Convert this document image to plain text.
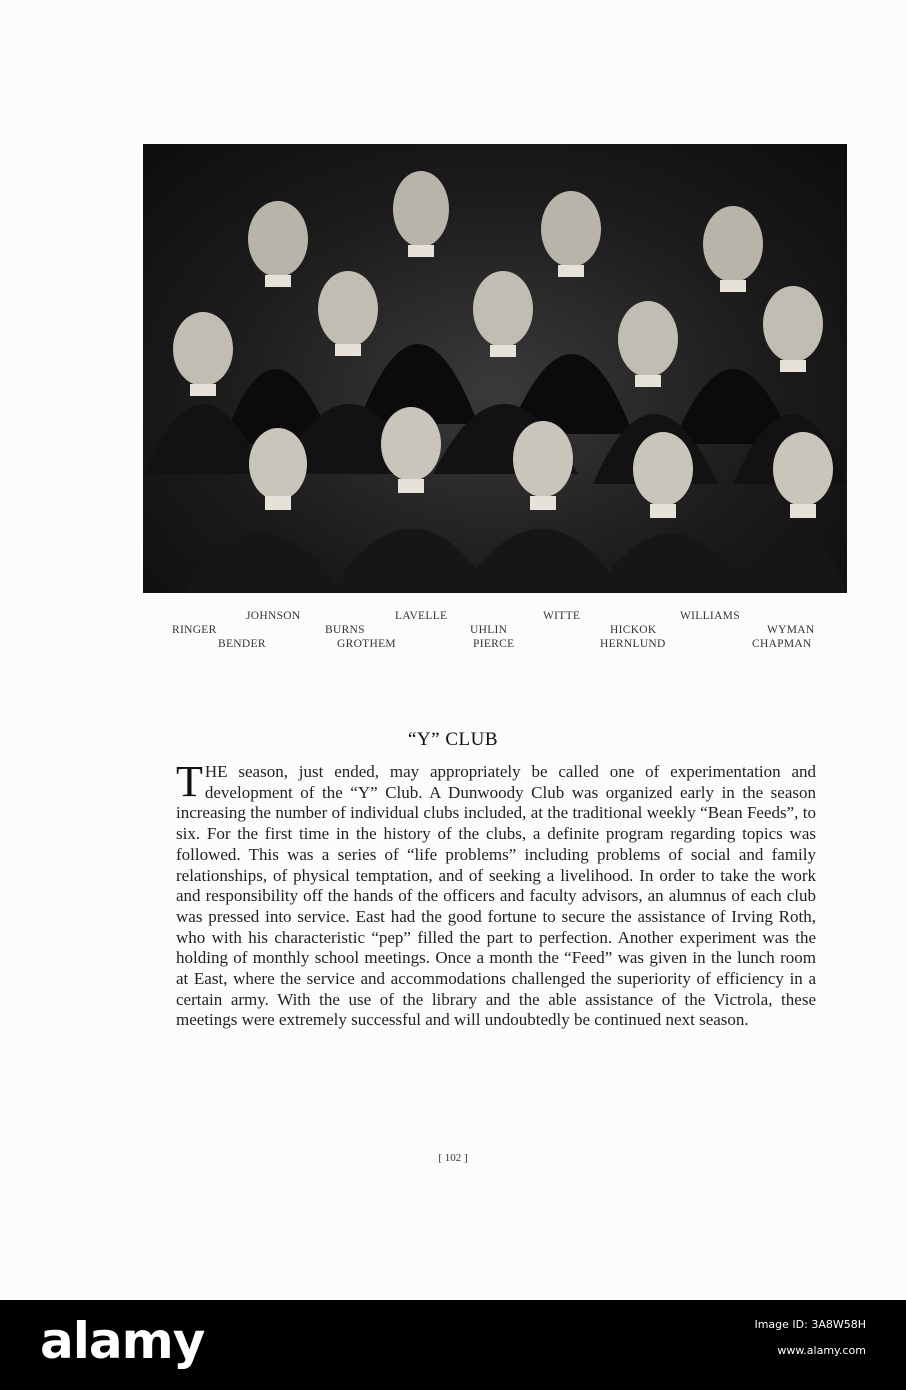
JOHNSON	LAVELLE	WITTE	WILLIAMS
RINGER	BURNS	UHLIN	HICKOK	WYMAN
BENDER	GROTHEM	PIERCE	HERNLUND	CHAPMAN
“Y” CLUB
THE season, just ended, may appropriately be called one of experimentation and development of the “Y” Club. A Dunwoody Club was organized early in the season increasing the number of individual clubs included, at the traditional weekly “Bean Feeds”, to six. For the first time in the history of the clubs, a definite program regarding topics was followed. This was a series of “life problems” including problems of social and family relationships, of physical temptation, and of seeking a livelihood. In order to take the work and responsibility off the hands of the officers and faculty advisors, an alumnus of each club was pressed into service. East had the good fortune to secure the assistance of Irving Roth, who with his characteristic “pep” filled the part to perfection. Another experiment was the holding of monthly school meetings. Once a month the “Feed” was given in the lunch room at East, where the service and accommodations challenged the superiority of efficiency in a certain army. With the use of the library and the able assistance of the Victrola, these meetings were extremely successful and will undoubtedly be continued next season.
[ 102 ]
alamy	Image ID: 3A8W58H
www.alamy.com
